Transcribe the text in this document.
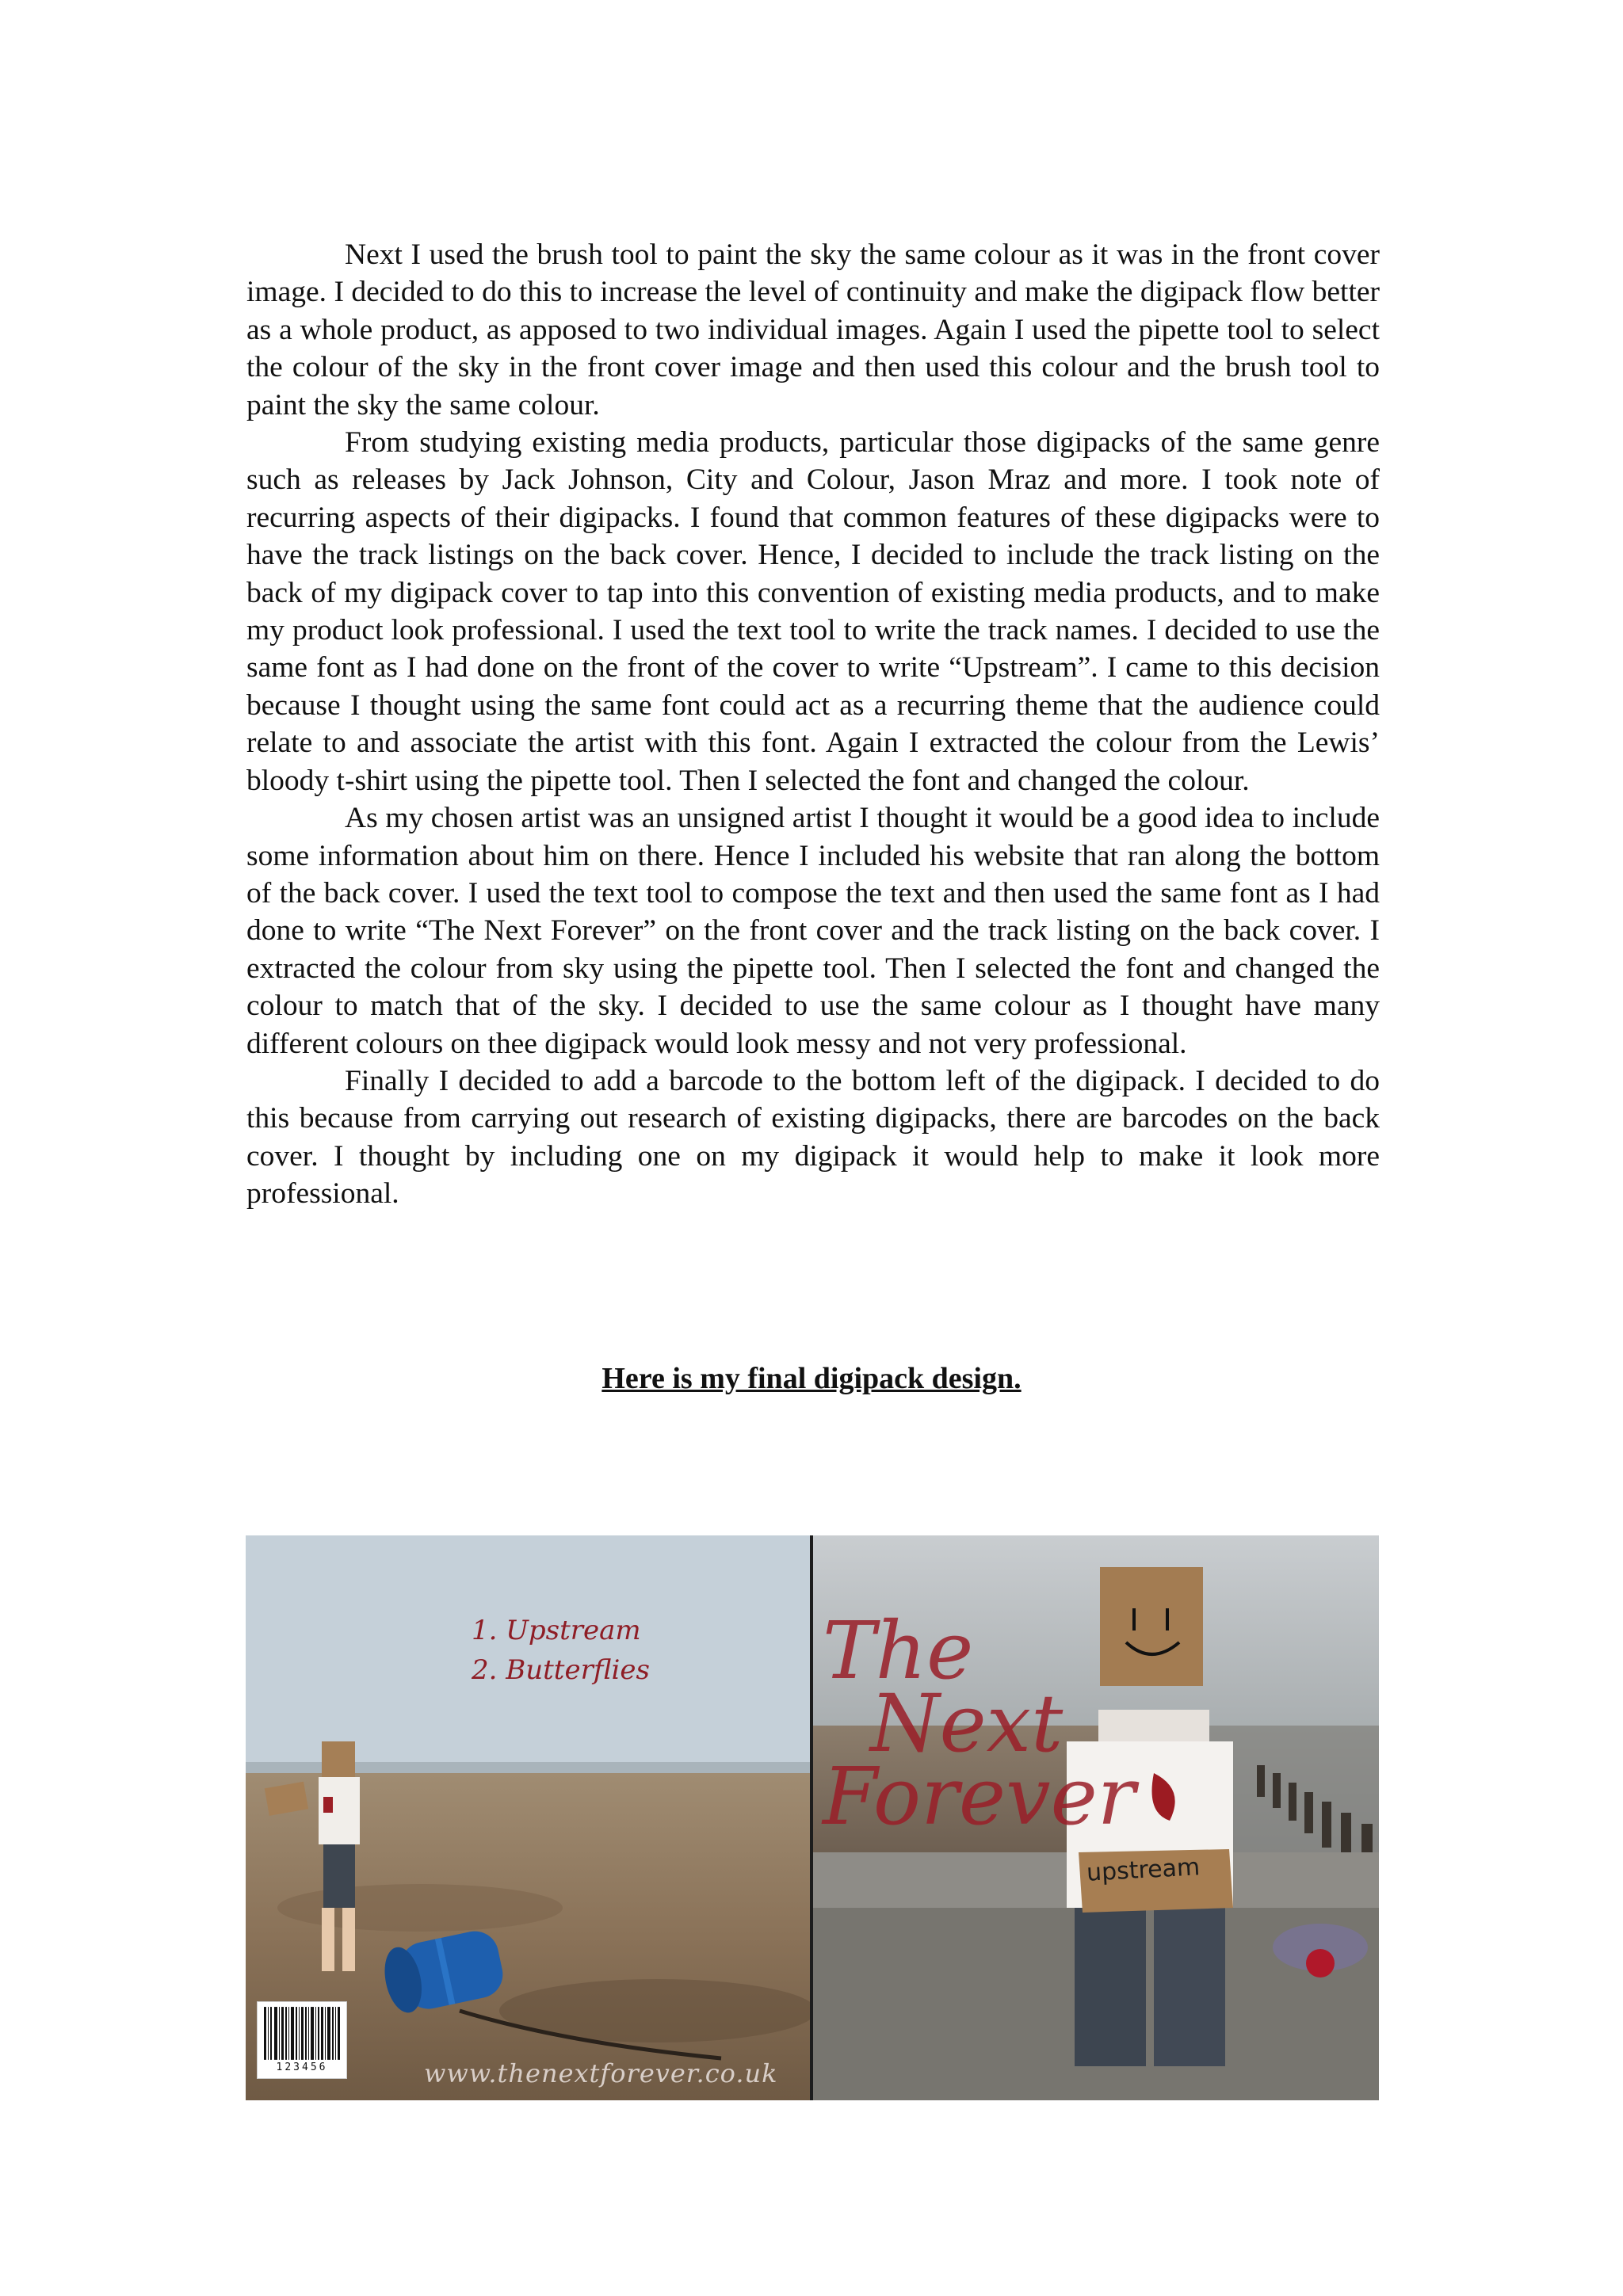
Next I used the brush tool to paint the sky the same colour as it was in the front cover image. I decided to do this to increase the level of continuity and make the digipack flow better as a whole product, as apposed to two individual images. Again I used the pipette tool to select the colour of the sky in the front cover image and then used this colour and the brush tool to paint the sky the same colour.

From studying existing media products, particular those digipacks of the same genre such as releases by Jack Johnson, City and Colour, Jason Mraz and more. I took note of recurring aspects of their digipacks. I found that common features of these digipacks were to have the track listings on the back cover. Hence, I decided to include the track listing on the back of my digipack cover to tap into this convention of existing media products, and to make my product look professional. I used the text tool to write the track names. I decided to use the same font as I had done on the front of the cover to write “Upstream”. I came to this decision because I thought using the same font could act as a recurring theme that the audience could relate to and associate the artist with this font. Again I extracted the colour from the Lewis’ bloody t-shirt using the pipette tool. Then I selected the font and changed the colour.

As my chosen artist was an unsigned artist I thought it would be a good idea to include some information about him on there. Hence I included his website that ran along the bottom of the back cover. I used the text tool to compose the text and then used the same font as I had done to write “The Next Forever” on the front cover and the track listing on the back cover. I extracted the colour from sky using the pipette tool. Then I selected the font and changed the colour to match that of the sky. I decided to use the same colour as I thought have many different colours on thee digipack would look messy and not very professional.

Finally I decided to add a barcode to the bottom left of the digipack. I decided to do this because from carrying out research of existing digipacks, there are barcodes on the back cover. I thought by including one on my digipack it would help to make it look more professional.

Here is my final digipack design.
1. Upstream
2. Butterflies
123456	www.thenextforever.co.uk
The
Next
Forever
upstream
